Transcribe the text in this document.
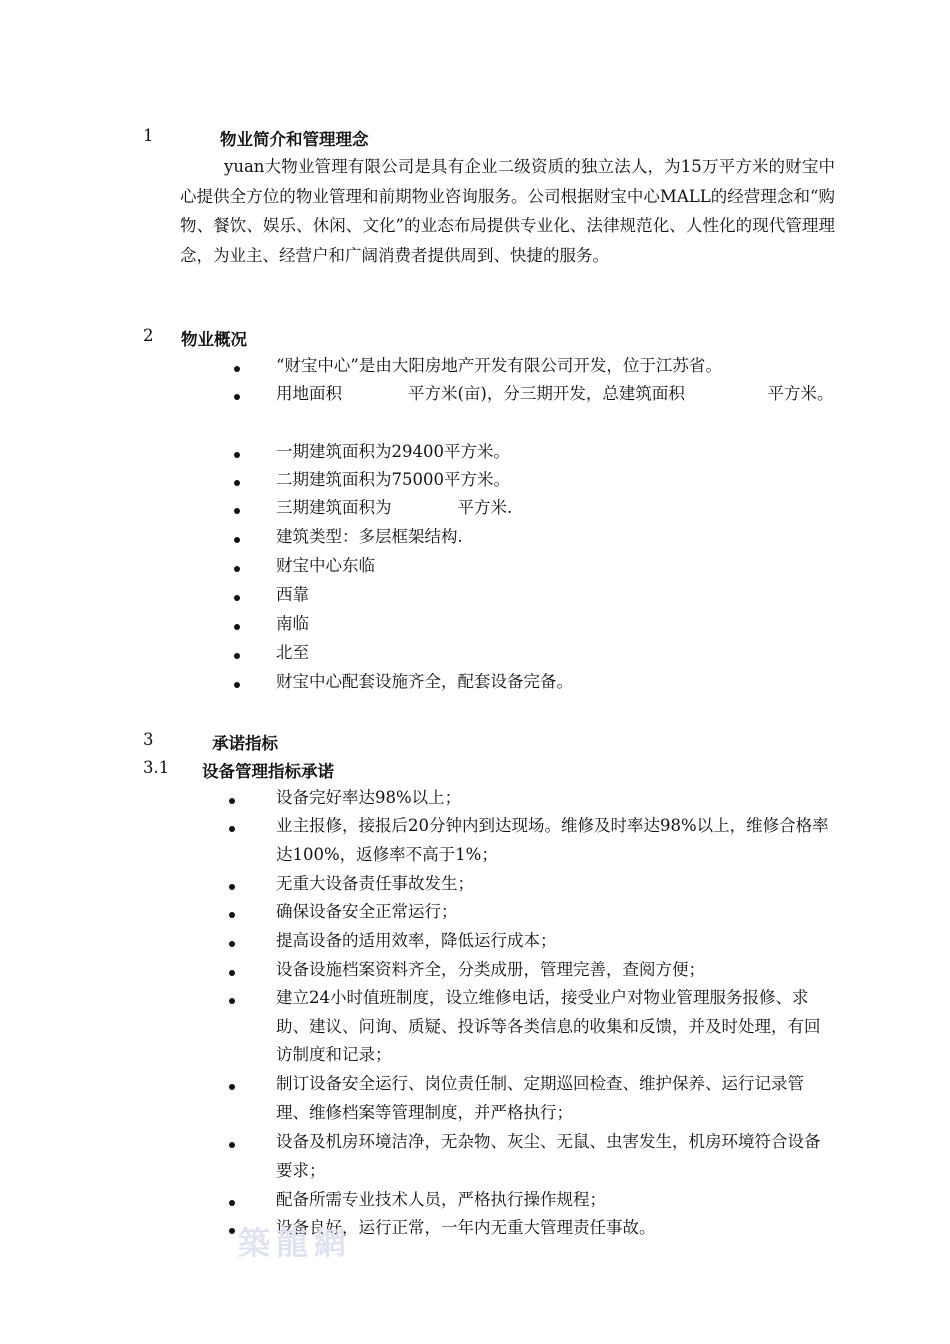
1	物业简介和管理理念
yuan大物业管理有限公司是具有企业二级资质的独立法人，为15万平方米的财宝中心提供全方位的物业管理和前期物业咨询服务。公司根据财宝中心MALL的经营理念和“购物、餐饮、娱乐、休闲、文化”的业态布局提供专业化、法律规范化、人性化的现代管理理念，为业主、经营户和广阔消费者提供周到、快捷的服务。
2 物业概况
“财宝中心”是由大阳房地产开发有限公司开发，位于江苏省。
用地面积　　　　平方米(亩)，分三期开发，总建筑面积　　　　　平方米。
一期建筑面积为29400平方米。
二期建筑面积为75000平方米。
三期建筑面积为　　　　平方米.
建筑类型：多层框架结构.
财宝中心东临
西靠
南临
北至
财宝中心配套设施齐全，配套设备完备。
3	承诺指标
3.1 设备管理指标承诺
设备完好率达98%以上；
业主报修，接报后20分钟内到达现场。维修及时率达98%以上，维修合格率达100%，返修率不高于1%；
无重大设备责任事故发生；
确保设备安全正常运行；
提高设备的适用效率，降低运行成本；
设备设施档案资料齐全，分类成册，管理完善，查阅方便；
建立24小时值班制度，设立维修电话，接受业户对物业管理服务报修、求助、建议、问询、质疑、投诉等各类信息的收集和反馈，并及时处理，有回访制度和记录；
制订设备安全运行、岗位责任制、定期巡回检查、维护保养、运行记录管理、维修档案等管理制度，并严格执行；
设备及机房环境洁净，无杂物、灰尘、无鼠、虫害发生，机房环境符合设备要求；
配备所需专业技术人员，严格执行操作规程；
设备良好，运行正常，一年内无重大管理责任事故。
築龍網
